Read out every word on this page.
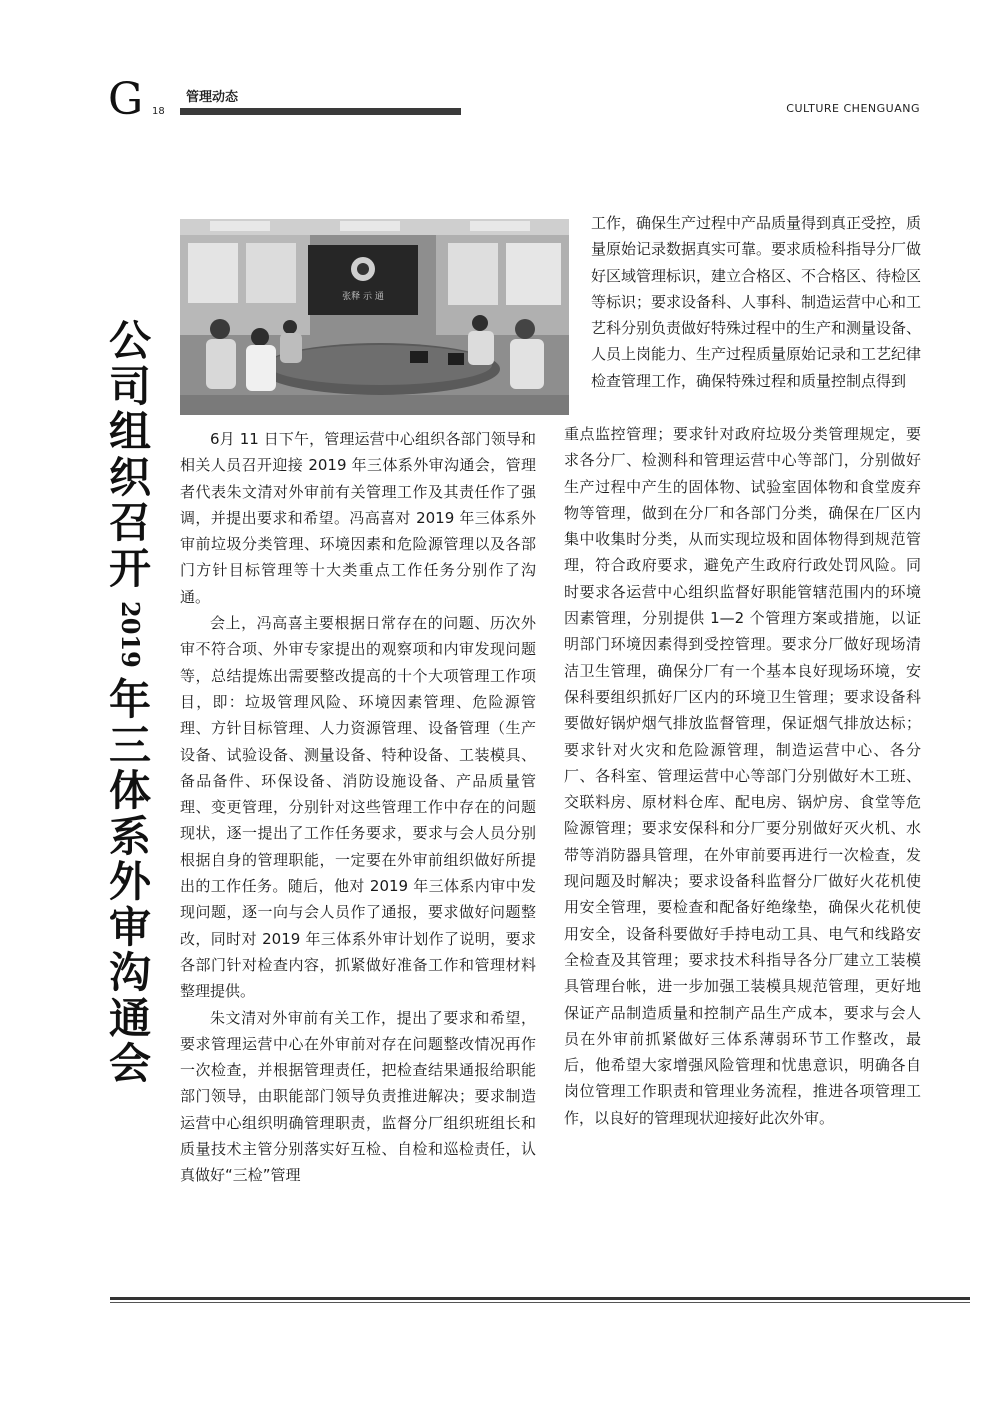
G 18
管理动态
CULTURE CHENGUANG
张释 示 通
公
司
组
织
召
开
2019
年
三
体
系
外
审
沟
通
会

6月 11 日下午，管理运营中心组织各部门领导和相关人员召开迎接 2019 年三体系外审沟通会，管理者代表朱文清对外审前有关管理工作及其责任作了强调，并提出要求和希望。冯高喜对 2019 年三体系外审前垃圾分类管理、环境因素和危险源管理以及各部门方针目标管理等十大类重点工作任务分别作了沟通。

会上，冯高喜主要根据日常存在的问题、历次外审不符合项、外审专家提出的观察项和内审发现问题等，总结提炼出需要整改提高的十个大项管理工作项目，即：垃圾管理风险、环境因素管理、危险源管理、方针目标管理、人力资源管理、设备管理（生产设备、试验设备、测量设备、特种设备、工装模具、备品备件、环保设备、消防设施设备、产品质量管理、变更管理，分别针对这些管理工作中存在的问题现状，逐一提出了工作任务要求，要求与会人员分别根据自身的管理职能，一定要在外审前组织做好所提出的工作任务。随后，他对 2019 年三体系内审中发现问题，逐一向与会人员作了通报，要求做好问题整改，同时对 2019 年三体系外审计划作了说明，要求各部门针对检查内容，抓紧做好准备工作和管理材料整理提供。

朱文清对外审前有关工作，提出了要求和希望，要求管理运营中心在外审前对存在问题整改情况再作一次检查，并根据管理责任，把检查结果通报给职能部门领导，由职能部门领导负责推进解决；要求制造运营中心组织明确管理职责，监督分厂组织班组长和质量技术主管分别落实好互检、自检和巡检责任，认真做好“三检”管理

工作，确保生产过程中产品质量得到真正受控，质量原始记录数据真实可靠。要求质检科指导分厂做好区域管理标识，建立合格区、不合格区、待检区等标识；要求设备科、人事科、制造运营中心和工艺科分别负责做好特殊过程中的生产和测量设备、人员上岗能力、生产过程质量原始记录和工艺纪律检查管理工作，确保特殊过程和质量控制点得到

重点监控管理；要求针对政府垃圾分类管理规定，要求各分厂、检测科和管理运营中心等部门，分别做好生产过程中产生的固体物、试验室固体物和食堂废弃物等管理，做到在分厂和各部门分类，确保在厂区内集中收集时分类，从而实现垃圾和固体物得到规范管理，符合政府要求，避免产生政府行政处罚风险。同时要求各运营中心组织监督好职能管辖范围内的环境因素管理，分别提供 1—2 个管理方案或措施，以证明部门环境因素得到受控管理。要求分厂做好现场清洁卫生管理，确保分厂有一个基本良好现场环境，安保科要组织抓好厂区内的环境卫生管理；要求设备科要做好锅炉烟气排放监督管理，保证烟气排放达标；要求针对火灾和危险源管理，制造运营中心、各分厂、各科室、管理运营中心等部门分别做好木工班、交联料房、原材料仓库、配电房、锅炉房、食堂等危险源管理；要求安保科和分厂要分别做好灭火机、水带等消防器具管理，在外审前要再进行一次检查，发现问题及时解决；要求设备科监督分厂做好火花机使用安全管理，要检查和配备好绝缘垫，确保火花机使用安全，设备科要做好手持电动工具、电气和线路安全检查及其管理；要求技术科指导各分厂建立工装模具管理台帐，进一步加强工装模具规范管理，更好地保证产品制造质量和控制产品生产成本，要求与会人员在外审前抓紧做好三体系薄弱环节工作整改，最后，他希望大家增强风险管理和忧患意识，明确各自岗位管理工作职责和管理业务流程，推进各项管理工作，以良好的管理现状迎接好此次外审。
